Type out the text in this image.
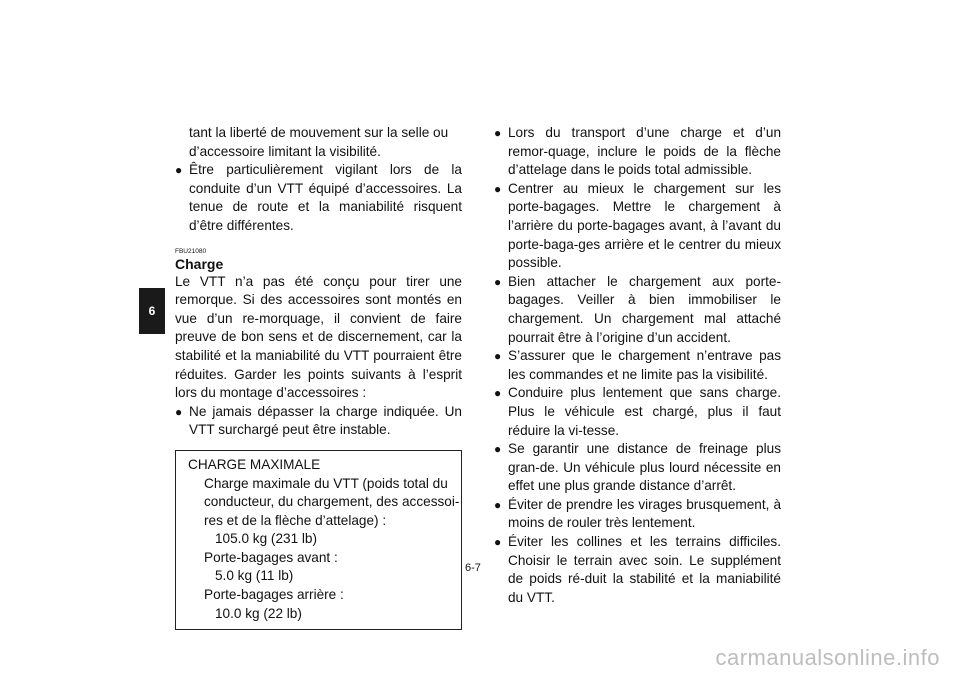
6

tant la liberté de mouvement sur la selle ou

d’accessoire limitant la visibilité.

● Être particulièrement vigilant lors de la conduite d’un VTT équipé d’accessoires. La tenue de route et la maniabilité risquent d’être différentes.
FBU21080
Charge

Le VTT n’a pas été conçu pour tirer une remorque. Si des accessoires sont montés en vue d’un re-morquage, il convient de faire preuve de bon sens et de discernement, car la stabilité et la maniabilité du VTT pourraient être réduites. Garder les points suivants à l’esprit lors du montage d’accessoires :

● Ne jamais dépasser la charge indiquée. Un VTT surchargé peut être instable.
CHARGE MAXIMALE
Charge maximale du VTT (poids total du
conducteur, du chargement, des accessoi-
res et de la flèche d’attelage) :
105.0 kg (231 lb)
Porte-bagages avant :
5.0 kg (11 lb)
Porte-bagages arrière :
10.0 kg (22 lb)
● Lors du transport d’une charge et d’un remor-quage, inclure le poids de la flèche d’attelage dans le poids total admissible.
● Centrer au mieux le chargement sur les porte-bagages. Mettre le chargement à l’arrière du porte-bagages avant, à l’avant du porte-baga-ges arrière et le centrer du mieux possible.
● Bien attacher le chargement aux porte-bagages. Veiller à bien immobiliser le chargement. Un chargement mal attaché pourrait être à l’origine d’un accident.
● S’assurer que le chargement n’entrave pas les commandes et ne limite pas la visibilité.
● Conduire plus lentement que sans charge. Plus le véhicule est chargé, plus il faut réduire la vi-tesse.
● Se garantir une distance de freinage plus gran-de. Un véhicule plus lourd nécessite en effet une plus grande distance d’arrêt.
● Éviter de prendre les virages brusquement, à moins de rouler très lentement.
● Éviter les collines et les terrains difficiles. Choisir le terrain avec soin. Le supplément de poids ré-duit la stabilité et la maniabilité du VTT.
6-7
carmanualsonline.info
